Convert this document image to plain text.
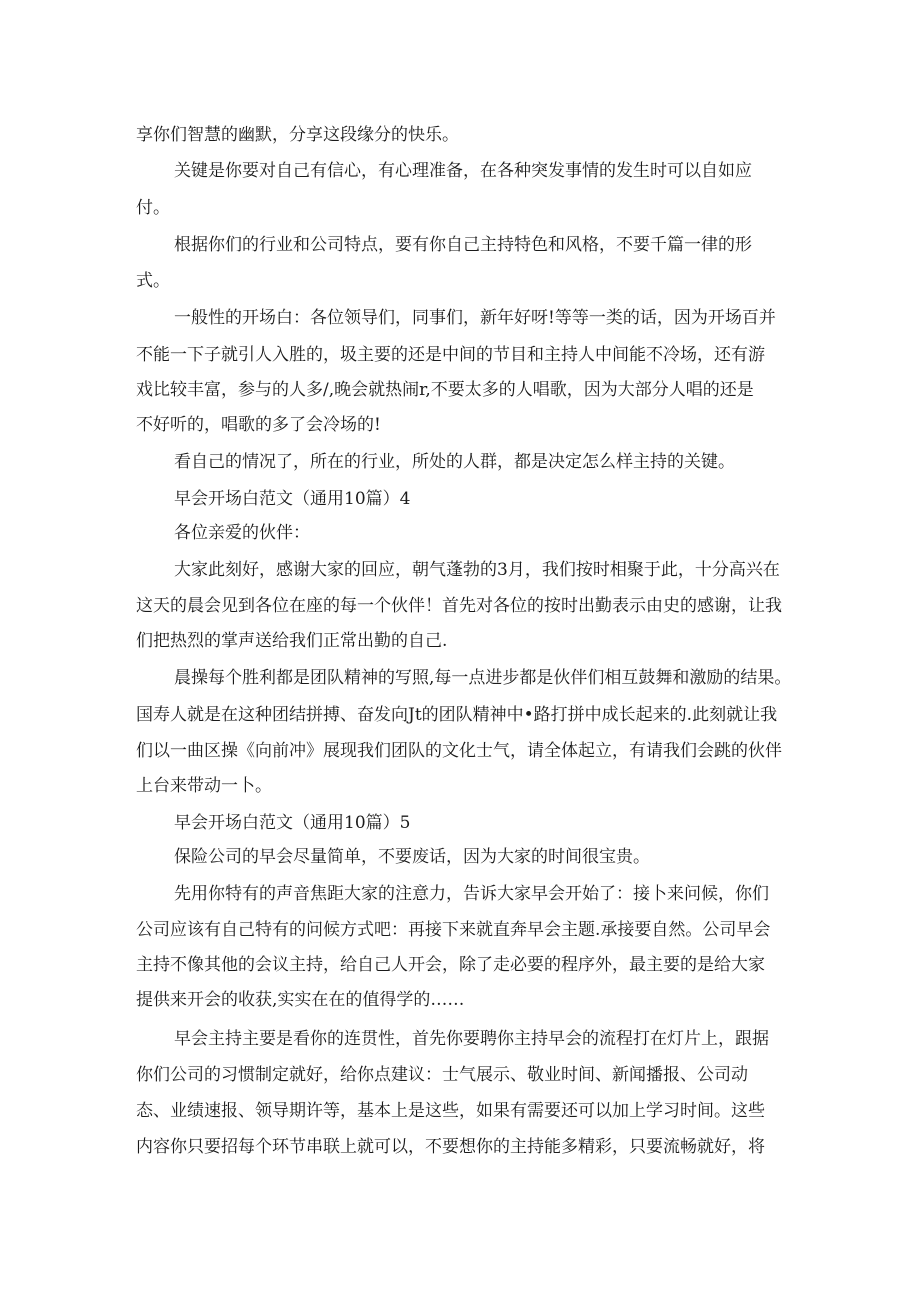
享你们智慧的幽默，分享这段缘分的快乐。
关键是你要对自己有信心，有心理准备，在各种突发事情的发生时可以自如应
付。
根据你们的行业和公司特点，要有你自己主持特色和风格，不要千篇一律的形
式。
一般性的开场白：各位领导们，同事们，新年好呀!等等一类的话，因为开场百并
不能一下子就引人入胜的，圾主要的还是中间的节目和主持人中间能不冷场，还有游
戏比较丰富，参与的人多/,晚会就热闹r,不要太多的人唱歌，因为大部分人唱的还是
不好听的，唱歌的多了会冷场的!
看自己的情况了，所在的行业，所处的人群，都是决定怎么样主持的关键。
早会开场白范文（通用10篇）4
各位亲爱的伙伴：
大家此刻好，感谢大家的回应，朝气蓬勃的3月，我们按时相聚于此，十分高兴在
这天的晨会见到各位在座的每一个伙伴！首先对各位的按时出勤表示由史的感谢，让我
们把热烈的掌声送给我们正常出勤的自己.
晨操每个胜利都是团队精神的写照,每一点进步都是伙伴们相互鼓舞和激励的结果。
国寿人就是在这种团结拼搏、奋发向Jt的团队精神中•路打拼中成长起来的.此刻就让我
们以一曲区操《向前冲》展现我们团队的文化士气，请全体起立，有请我们会跳的伙伴
上台来带动一卜。
早会开场白范文（通用10篇）5
保险公司的早会尽量简单，不要废话，因为大家的时间很宝贵。
先用你特有的声音焦距大家的注意力，告诉大家早会开始了：接卜来问候，你们
公司应该有自己特有的问候方式吧：再接下来就直奔早会主题.承接要自然。公司早会
主持不像其他的会议主持，给自己人开会，除了走必要的程序外，最主要的是给大家
提供来开会的收获,实实在在的值得学的……
早会主持主要是看你的连贯性，首先你要聘你主持早会的流程打在灯片上，跟据
你们公司的习惯制定就好，给你点建议：士气展示、敬业时间、新闻播报、公司动
态、业绩速报、领导期许等，基本上是这些，如果有需要还可以加上学习时间。这些
内容你只要招每个环节串联上就可以，不要想你的主持能多精彩，只要流畅就好，将
